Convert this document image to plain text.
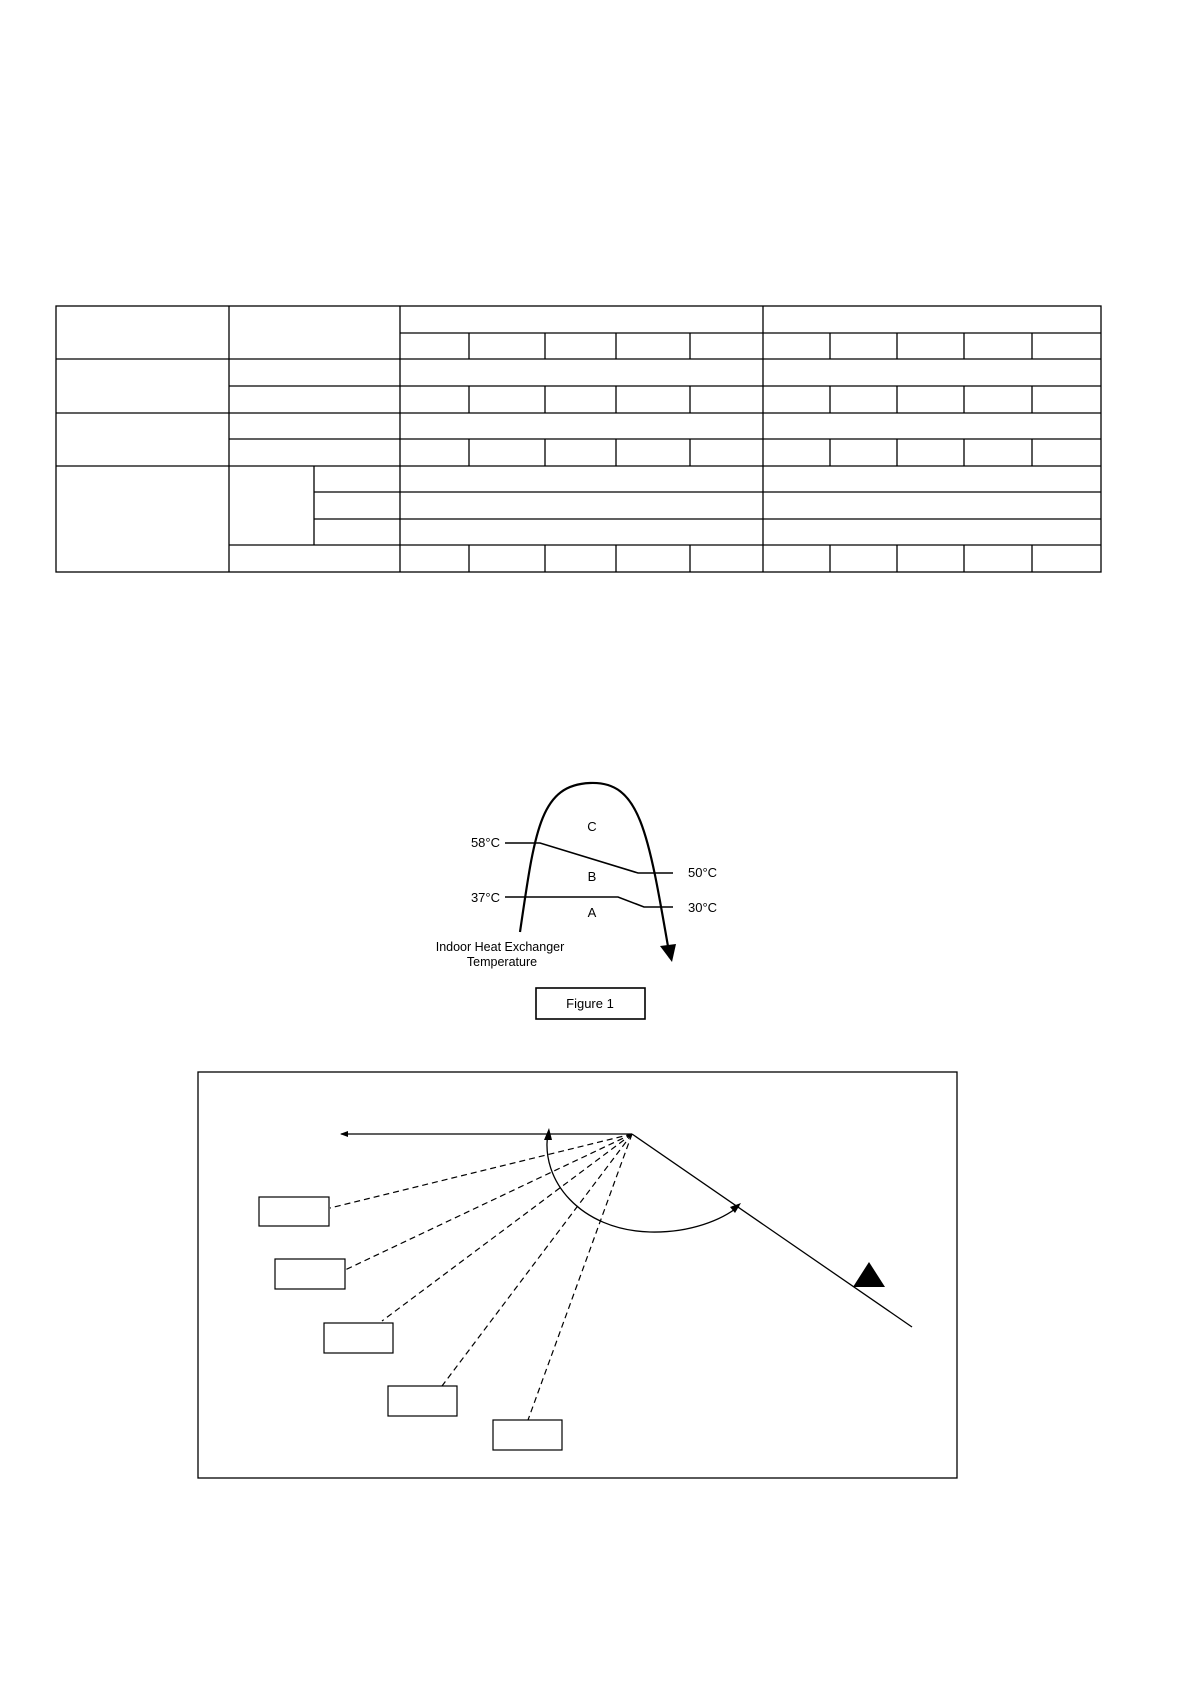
C
B
A
58°C
50°C
37°C
30°C
Indoor Heat Exchanger
Temperature
Figure 1
